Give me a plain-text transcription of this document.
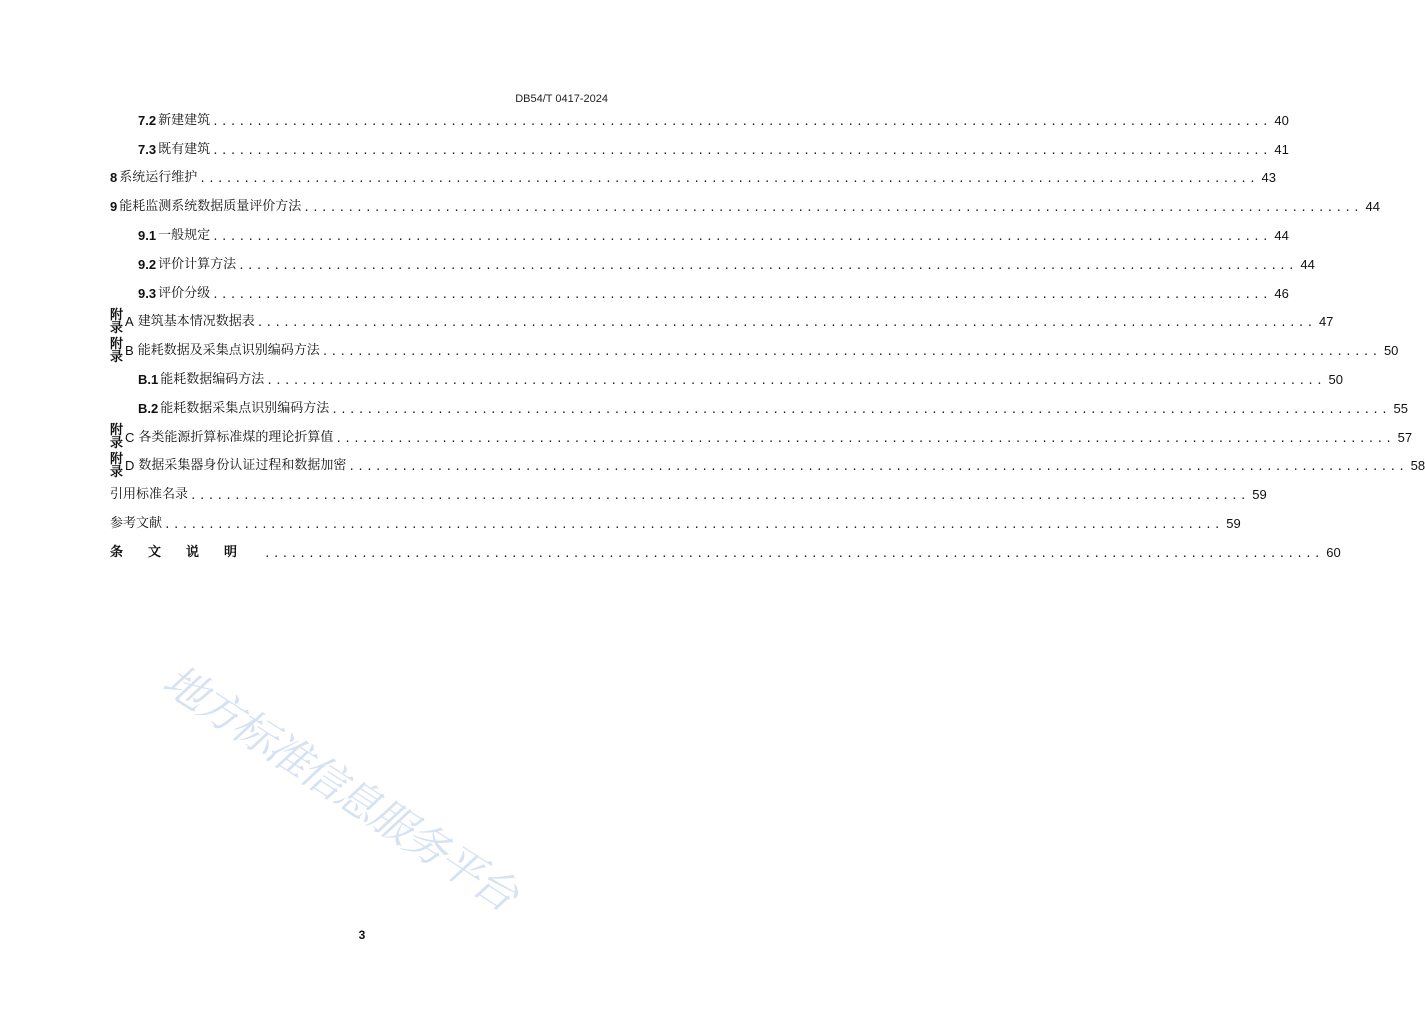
DB54/T 0417-2024
7.2 新建建筑 ........................................................................................................................ 40
7.3 既有建筑 ........................................................................................................................ 41
8 系统运行维护 ........................................................................................................................ 43
9 能耗监测系统数据质量评价方法 ........................................................................................................................ 44
9.1 一般规定 ........................................................................................................................ 44
9.2 评价计算方法 ........................................................................................................................ 44
9.3 评价分级 ........................................................................................................................ 46
附录 A 建筑基本情况数据表 ........................................................................................................................ 47
附录 B 能耗数据及采集点识别编码方法 ........................................................................................................................ 50
B.1 能耗数据编码方法 ........................................................................................................................ 50
B.2 能耗数据采集点识别编码方法 ........................................................................................................................ 55
附录 C 各类能源折算标准煤的理论折算值 ........................................................................................................................ 57
附录 D 数据采集器身份认证过程和数据加密 ........................................................................................................................ 58
引用标准名录 ........................................................................................................................ 59
参考文献 ........................................................................................................................ 59
条文说明 ........................................................................................................................ 60
地方标准信息服务平台
3
